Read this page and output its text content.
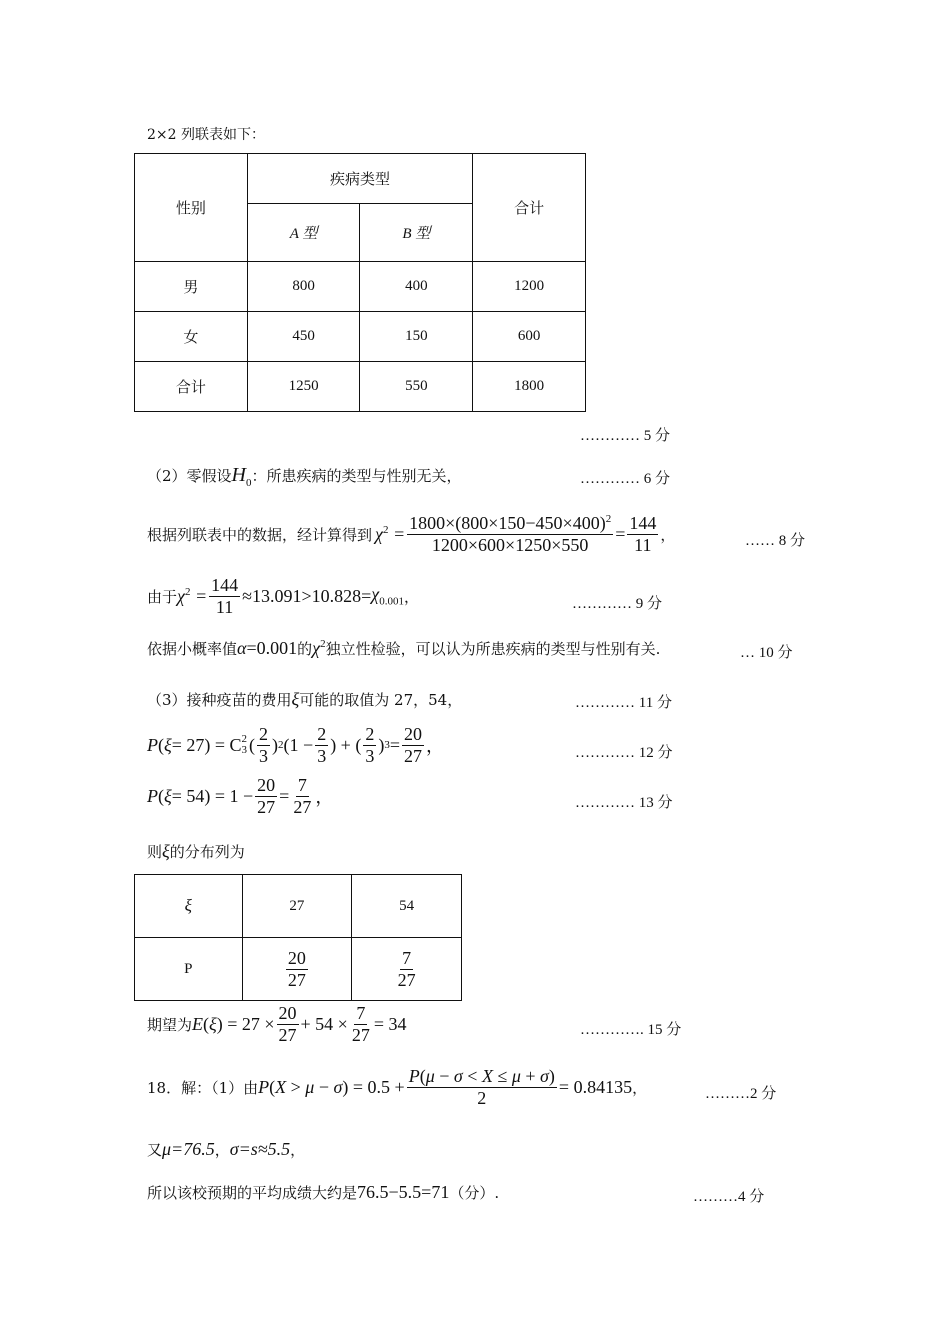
2×2 列联表如下：
性别	疾病类型		合计
	A 型	B 型	
男	800	400	1200
女	450	150	600
合计	1250	550	1800
………… 5 分
（2）零假设$H_0$：所患疾病的类型与性别无关，	………… 6 分
根据列联表中的数据，经计算得到 $\chi^2 = \frac{1800\times(800\times 150-450\times 400)^2}{1200\times 600\times 1250\times 550} = \frac{144}{11}$ ，	…… 8 分
由于 $\chi^2 = \frac{144}{11} \approx 13.091>10.828= \chi_{0.001}$ ，	………… 9 分
依据小概率值α=0.001的$\chi^2$独立性检验，可以认为所患疾病的类型与性别有关.	… 10 分
（3）接种疫苗的费用ξ可能的取值为 27，54，	………… 11 分
P ( ξ = 27) = C 2
3 ( $\frac{2}{3}$ ) 2 ($1 - \frac{2}{3}$ ) + ( $\frac{2}{3}$ ) $3 = \frac{20}{27}$ ，	………… 12 分
P ( $\xi = 54) = 1 - \frac{20}{27} = \frac{7}{27}$ ，	………… 13 分
则ξ的分布列为
ξ	27	54
P	$\frac{20}{27}$	$\frac{7}{27}$
期望为 $E(\xi) = 27 \times \frac{20}{27} + 54 \times \frac{7}{27} = 34$	…………. 15 分
18．解：（1）由 $P(X > \mu - \sigma) = 0.5 + \frac{P(\mu - \sigma < X \le \mu + \sigma)}{2} = 0.84135$ ，	………2 分
又μ=76.5，σ=s≈5.5，
所以该校预期的平均成绩大约是76.5−5.5=71（分）.	………4 分
